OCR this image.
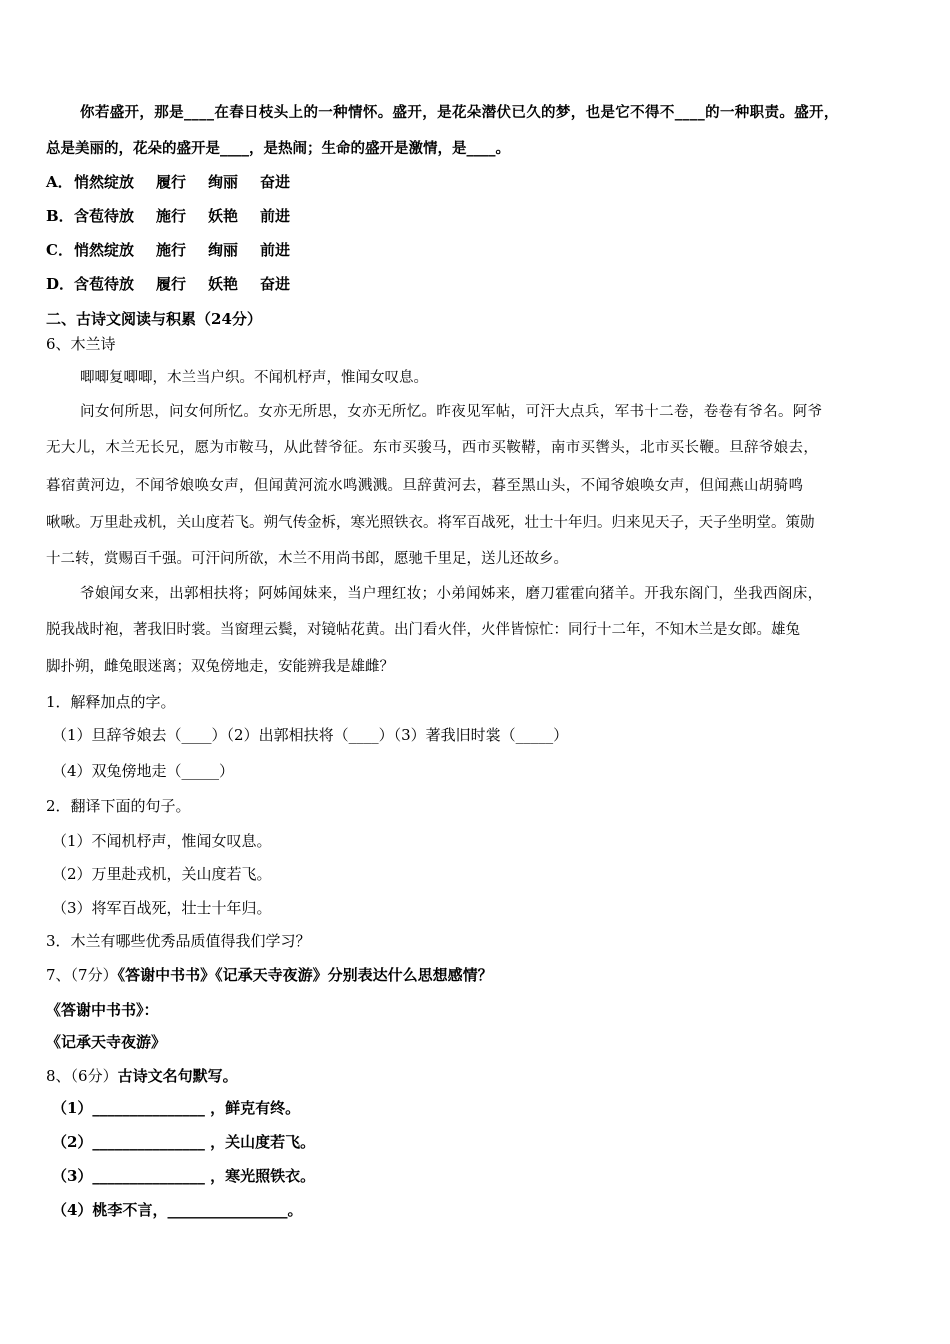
你若盛开，那是____在春日枝头上的一种情怀。盛开，是花朵潜伏已久的梦，也是它不得不____的一种职责。盛开，
总是美丽的，花朵的盛开是____，是热闹；生命的盛开是激情，是____。
A．悄然绽放 履行 绚丽 奋进
B．含苞待放 施行 妖艳 前进
C．悄然绽放 施行 绚丽 前进
D．含苞待放 履行 妖艳 奋进
二、古诗文阅读与积累（24分）
6、木兰诗
唧唧复唧唧，木兰当户织。不闻机杼声，惟闻女叹息。
问女何所思，问女何所忆。女亦无所思，女亦无所忆。昨夜见军帖，可汗大点兵，军书十二卷，卷卷有爷名。阿爷
无大儿，木兰无长兄，愿为市鞍马，从此替爷征。东市买骏马，西市买鞍鞯，南市买辔头，北市买长鞭。旦辞爷娘去，
暮宿黄河边，不闻爷娘唤女声，但闻黄河流水鸣溅溅。旦辞黄河去，暮至黑山头，不闻爷娘唤女声，但闻燕山胡骑鸣
啾啾。万里赴戎机，关山度若飞。朔气传金柝，寒光照铁衣。将军百战死，壮士十年归。归来见天子，天子坐明堂。策勋
十二转，赏赐百千强。可汗问所欲，木兰不用尚书郎，愿驰千里足，送儿还故乡。
爷娘闻女来，出郭相扶将；阿姊闻妹来，当户理红妆；小弟闻姊来，磨刀霍霍向猪羊。开我东阁门，坐我西阁床，
脱我战时袍，著我旧时裳。当窗理云鬓，对镜帖花黄。出门看火伴，火伴皆惊忙：同行十二年，不知木兰是女郎。雄兔
脚扑朔，雌兔眼迷离；双兔傍地走，安能辨我是雄雌？
1．解释加点的字。
（1）旦辞爷娘去（____）（2）出郭相扶将（____）（3）著我旧时裳（_____）
（4）双兔傍地走（_____）
2．翻译下面的句子。
（1）不闻机杼声，惟闻女叹息。
（2）万里赴戎机，关山度若飞。
（3）将军百战死，壮士十年归。
3．木兰有哪些优秀品质值得我们学习？
7、（7分）《答谢中书书》《记承天寺夜游》分别表达什么思想感情？
《答谢中书书》：
《记承天寺夜游》
8、（6分）古诗文名句默写。
（1）_______________ ，鲜克有终。
（2）_______________ ，关山度若飞。
（3）_______________ ，寒光照铁衣。
（4）桃李不言，________________。
